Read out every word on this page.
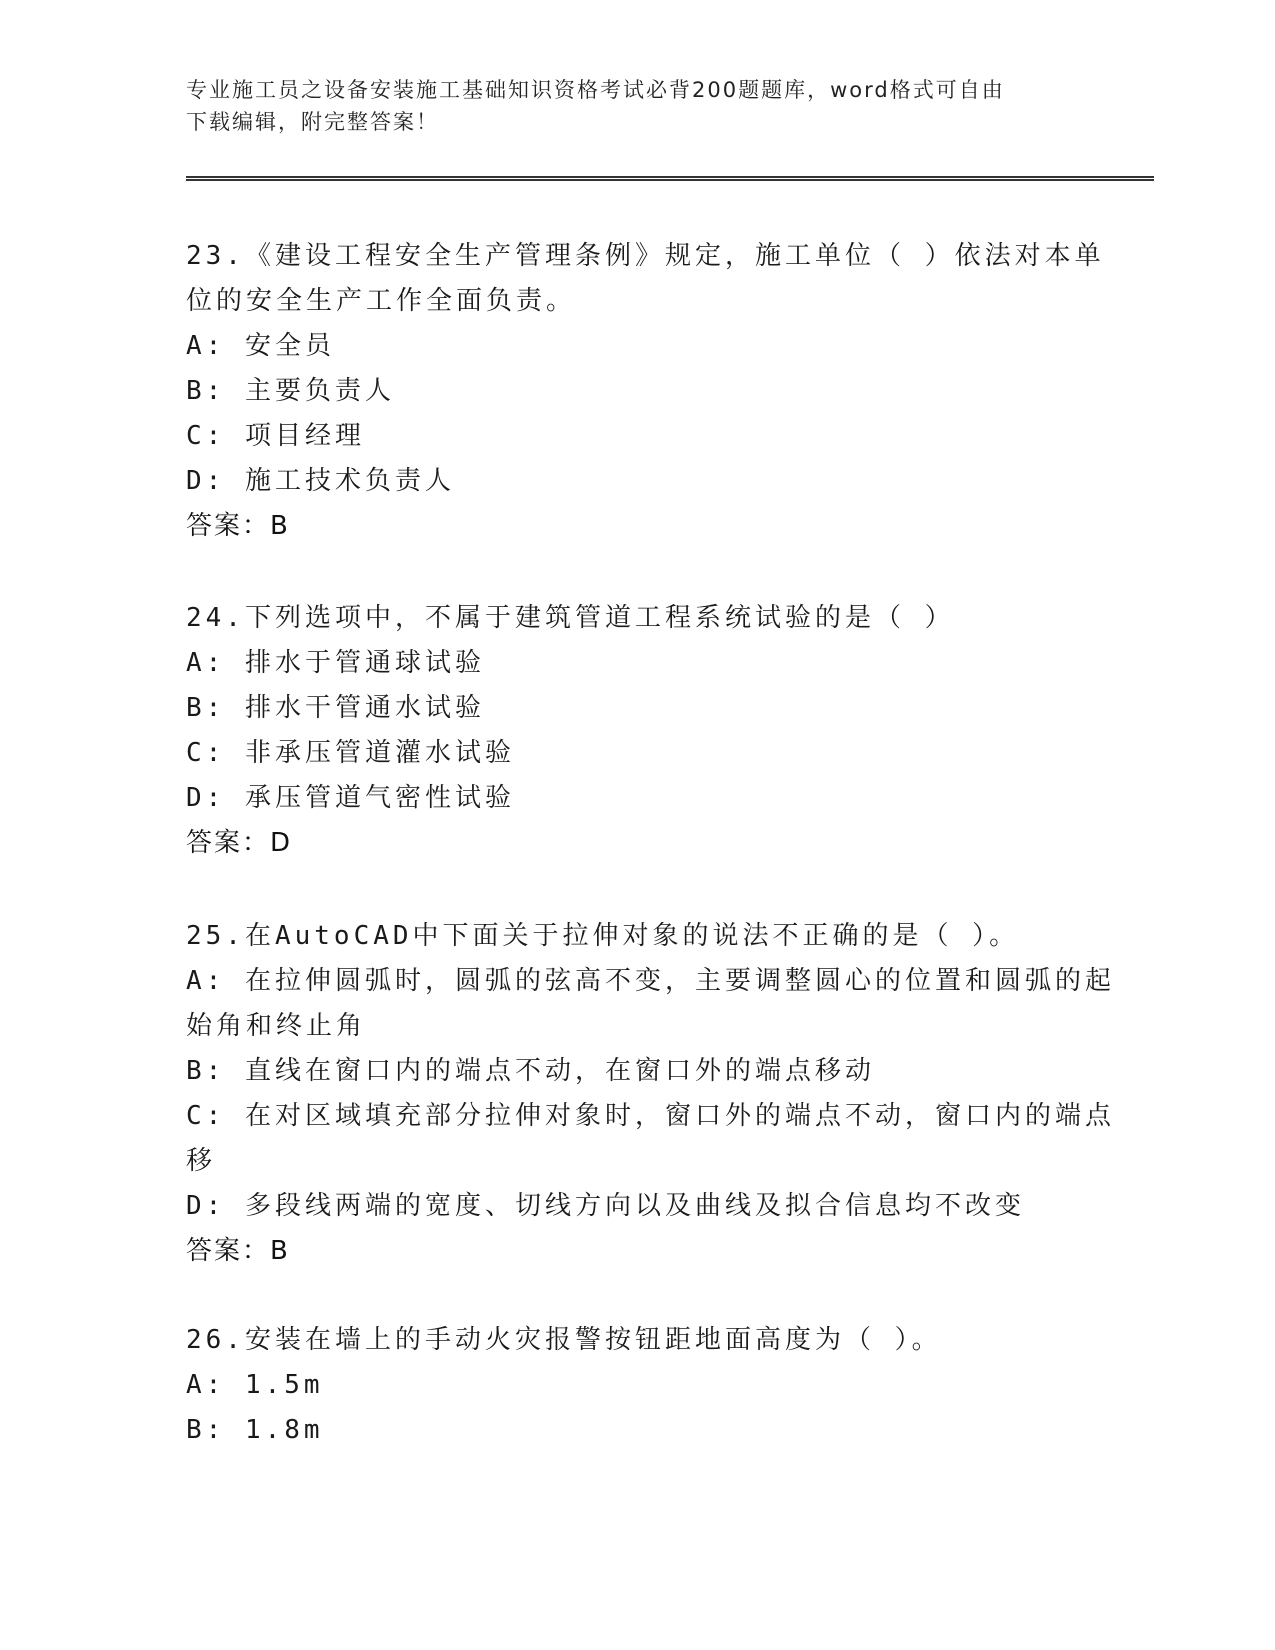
专业施工员之设备安装施工基础知识资格考试必背200题题库，word格式可自由
下载编辑，附完整答案！
23.《建设工程安全生产管理条例》规定，施工单位（ ）依法对本单
位的安全生产工作全面负责。
A: 安全员
B: 主要负责人
C: 项目经理
D: 施工技术负责人
答案：B
24.下列选项中，不属于建筑管道工程系统试验的是（ ）
A: 排水于管通球试验
B: 排水干管通水试验
C: 非承压管道灌水试验
D: 承压管道气密性试验
答案：D
25.在AutoCAD中下面关于拉伸对象的说法不正确的是（ ）。
A: 在拉伸圆弧时，圆弧的弦高不变，主要调整圆心的位置和圆弧的起
始角和终止角
B: 直线在窗口内的端点不动，在窗口外的端点移动
C: 在对区域填充部分拉伸对象时，窗口外的端点不动，窗口内的端点
移
D: 多段线两端的宽度、切线方向以及曲线及拟合信息均不改变
答案：B
26.安装在墙上的手动火灾报警按钮距地面高度为（ ）。
A: 1.5m
B: 1.8m
